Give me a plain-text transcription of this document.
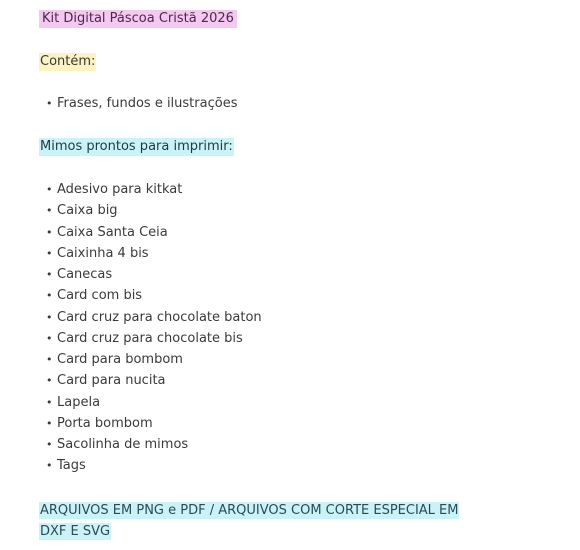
Kit Digital Páscoa Cristã 2026
Contém:
• Frases, fundos e ilustrações
Mimos prontos para imprimir:
• Adesivo para kitkat
• Caixa big
• Caixa Santa Ceia
• Caixinha 4 bis
• Canecas
• Card com bis
• Card cruz para chocolate baton
• Card cruz para chocolate bis
• Card para bombom
• Card para nucita
• Lapela
• Porta bombom
• Sacolinha de mimos
• Tags
ARQUIVOS EM PNG e PDF / ARQUIVOS COM CORTE ESPECIAL EM
DXF E SVG
